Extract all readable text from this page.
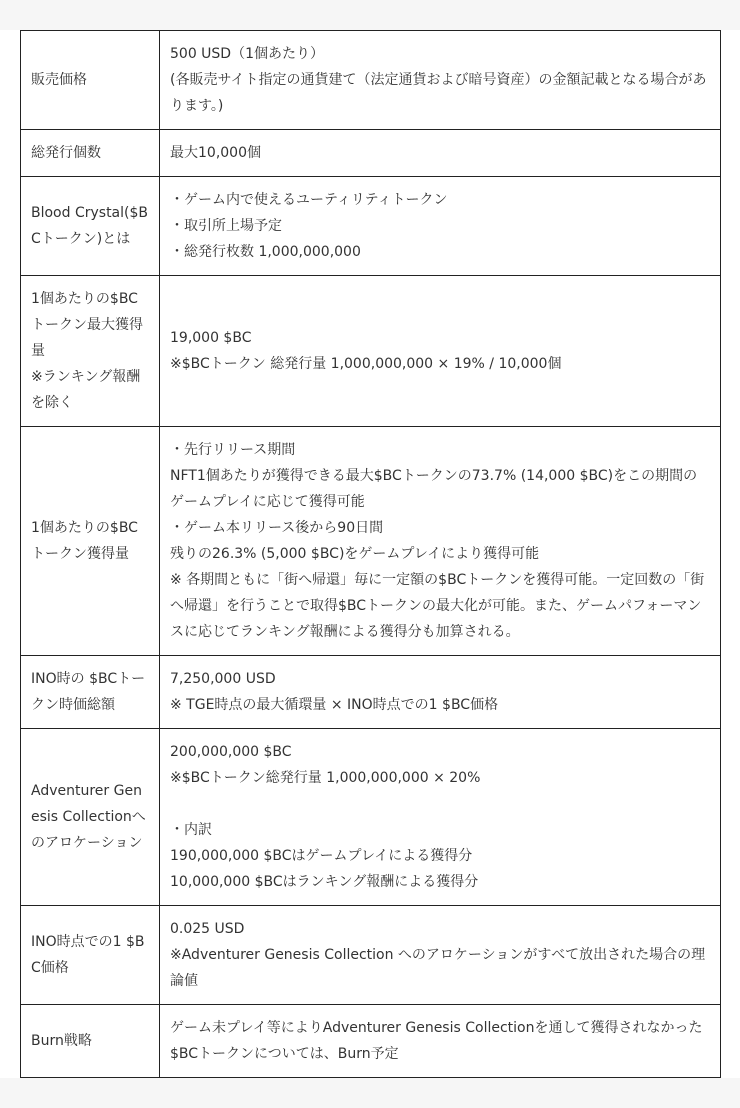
販売価格	500 USD（1個あたり）
(各販売サイト指定の通貨建て（法定通貨および暗号資産）の金額記載となる場合があります。)

総発行個数	最大10,000個

Blood Crystal($BCトークン)とは	・ゲーム内で使えるユーティリティトークン
・取引所上場予定
・総発行枚数 1,000,000,000

1個あたりの$BCトークン最大獲得量
※ランキング報酬を除く	19,000 $BC
※$BCトークン 総発行量 1,000,000,000 × 19% / 10,000個

1個あたりの$BCトークン獲得量	・先行リリース期間
NFT1個あたりが獲得できる最大$BCトークンの73.7% (14,000 $BC)をこの期間のゲームプレイに応じて獲得可能
・ゲーム本リリース後から90日間
残りの26.3% (5,000 $BC)をゲームプレイにより獲得可能
※ 各期間ともに「街へ帰還」毎に一定額の$BCトークンを獲得可能。一定回数の「街へ帰還」を行うことで取得$BCトークンの最大化が可能。また、ゲームパフォーマンスに応じてランキング報酬による獲得分も加算される。

INO時の $BCトークン時価総額	7,250,000 USD
※ TGE時点の最大循環量 × INO時点での1 $BC価格

Adventurer Genesis Collectionへのアロケーション	200,000,000 $BC
※$BCトークン総発行量 1,000,000,000 × 20%
・内訳
190,000,000 $BCはゲームプレイによる獲得分
10,000,000 $BCはランキング報酬による獲得分

INO時点での1 $BC価格	0.025 USD
※Adventurer Genesis Collection へのアロケーションがすべて放出された場合の理論値

Burn戦略	ゲーム未プレイ等によりAdventurer Genesis Collectionを通して獲得されなかった$BCトークンについては、Burn予定
